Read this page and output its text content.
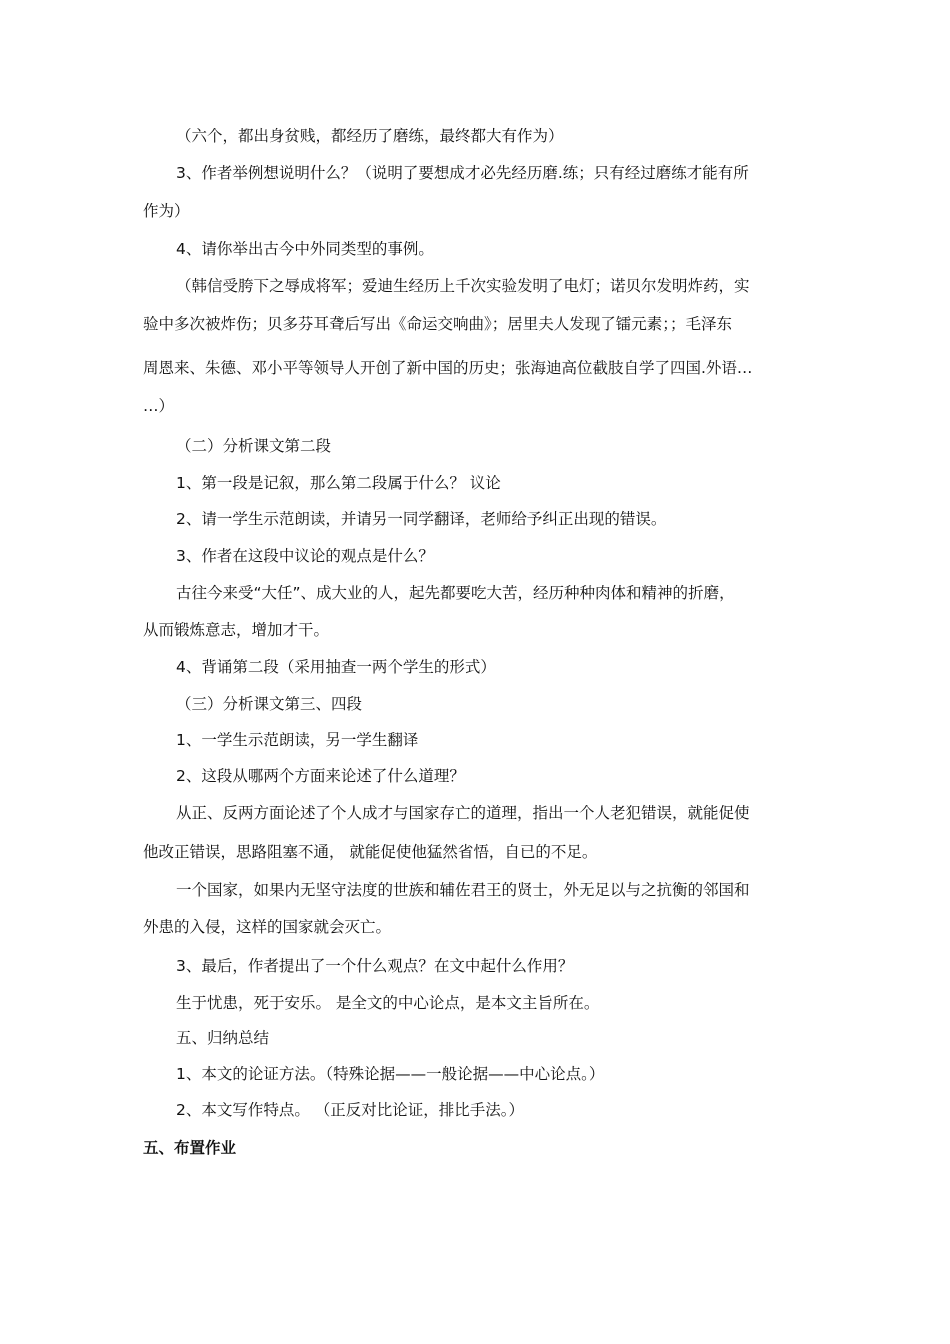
（六个，都出身贫贱，都经历了磨练，最终都大有作为）
3、作者举例想说明什么？（说明了要想成才必先经历磨.练；只有经过磨练才能有所
作为）
4、请你举出古今中外同类型的事例。
（韩信受胯下之辱成将军；爱迪生经历上千次实验发明了电灯；诺贝尔发明炸药，实
验中多次被炸伤；贝多芬耳聋后写出《命运交响曲》；居里夫人发现了镭元素；；毛泽东
周恩来、朱德、邓小平等领导人开创了新中国的历史；张海迪高位截肢自学了四国.外语…
…）
（二）分析课文第二段
1、第一段是记叙，那么第二段属于什么？ 议论
2、请一学生示范朗读，并请另一同学翻译，老师给予纠正出现的错误。
3、作者在这段中议论的观点是什么？
古往今来受“大任”、成大业的人，起先都要吃大苦，经历种种肉体和精神的折磨，
从而锻炼意志，增加才干。
4、背诵第二段（采用抽查一两个学生的形式）
（三）分析课文第三、四段
1、一学生示范朗读，另一学生翻译
2、这段从哪两个方面来论述了什么道理？
从正、反两方面论述了个人成才与国家存亡的道理，指出一个人老犯错误，就能促使
他改正错误，思路阻塞不通， 就能促使他猛然省悟，自已的不足。
一个国家，如果内无坚守法度的世族和辅佐君王的贤士，外无足以与之抗衡的邻国和
外患的入侵，这样的国家就会灭亡。
3、最后，作者提出了一个什么观点？在文中起什么作用？
生于忧患，死于安乐。 是全文的中心论点，是本文主旨所在。
五、归纳总结
1、本文的论证方法。（特殊论据——一般论据——中心论点。）
2、本文写作特点。 （正反对比论证，排比手法。）
五、布置作业
